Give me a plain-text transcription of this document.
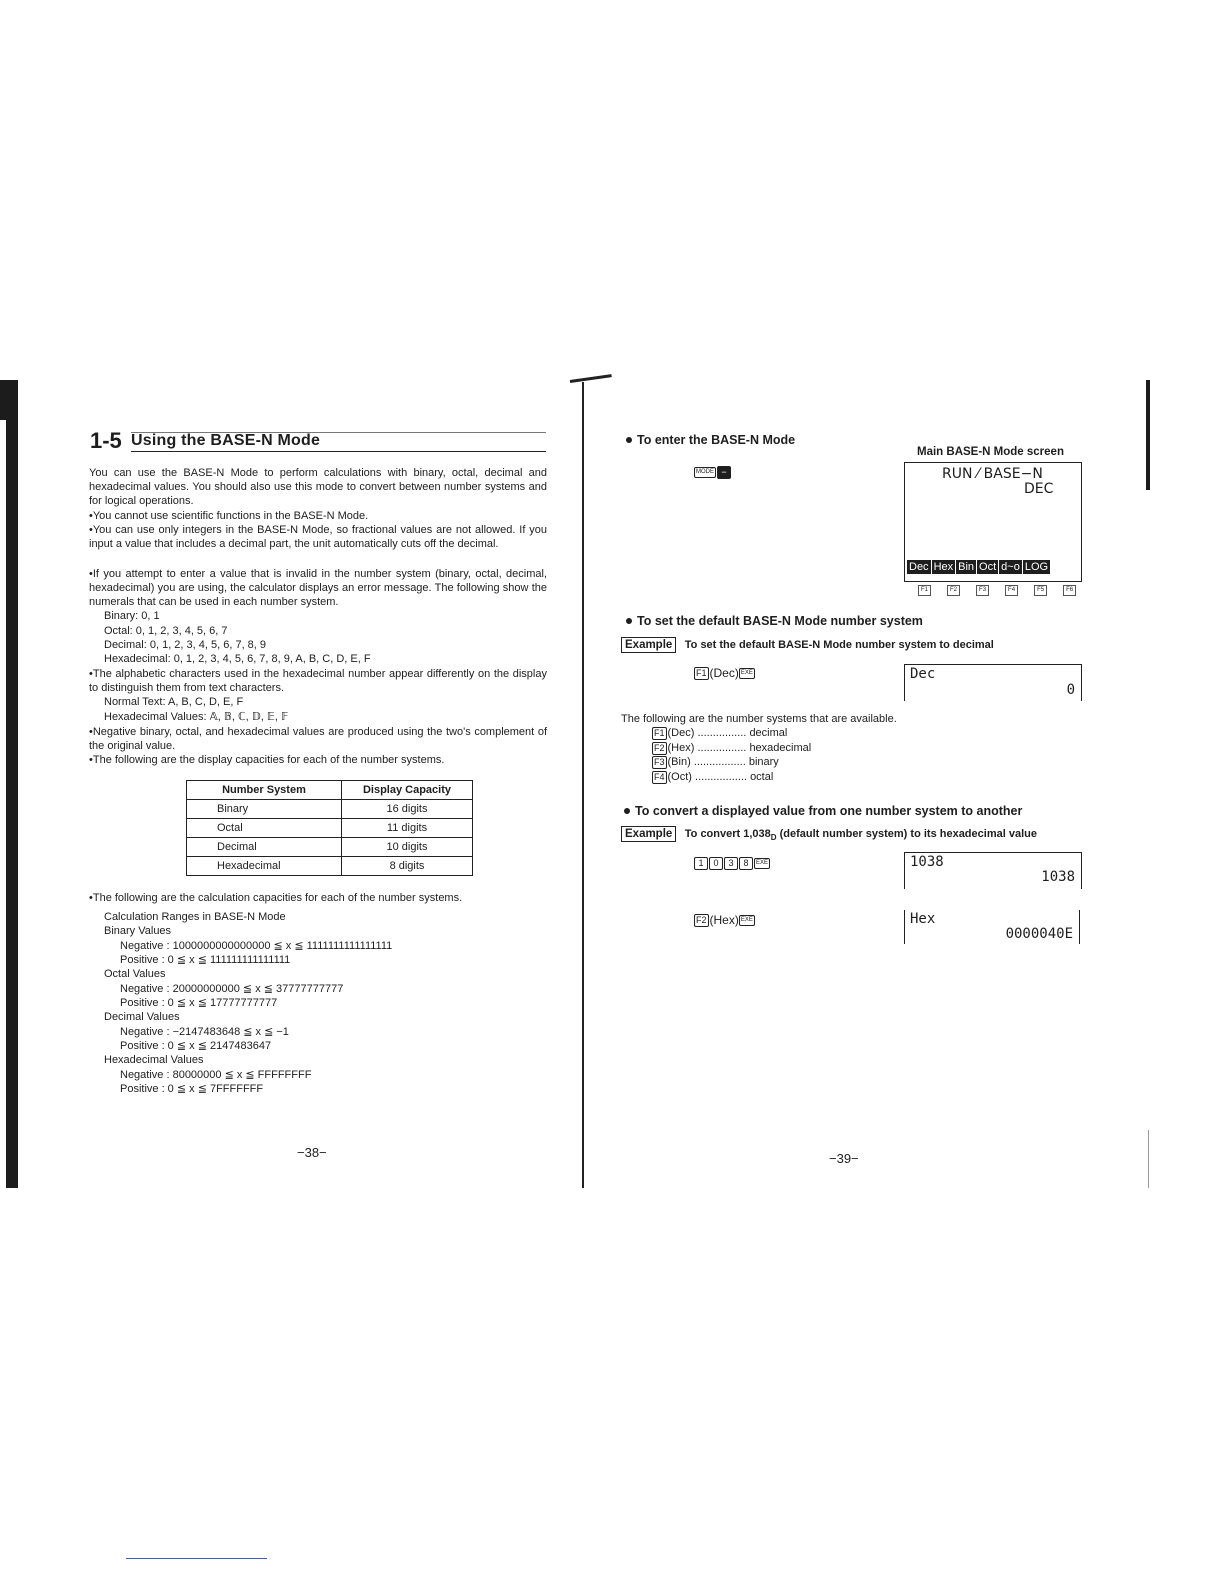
1-5 Using the BASE-N Mode
You can use the BASE-N Mode to perform calculations with binary, octal, decimal and hexadecimal values. You should also use this mode to convert between number systems and for logical operations.
•You cannot use scientific functions in the BASE-N Mode.
•You can use only integers in the BASE-N Mode, so fractional values are not allowed. If you input a value that includes a decimal part, the unit automatically cuts off the decimal.
•If you attempt to enter a value that is invalid in the number system (binary, octal, decimal, hexadecimal) you are using, the calculator displays an error message. The following show the numerals that can be used in each number system.
Binary: 0, 1
Octal: 0, 1, 2, 3, 4, 5, 6, 7
Decimal: 0, 1, 2, 3, 4, 5, 6, 7, 8, 9
Hexadecimal: 0, 1, 2, 3, 4, 5, 6, 7, 8, 9, A, B, C, D, E, F
•The alphabetic characters used in the hexadecimal number appear differently on the display to distinguish them from text characters.
Normal Text: A, B, C, D, E, F
Hexadecimal Values: 𝔸, 𝔹, ℂ, 𝔻, 𝔼, 𝔽
•Negative binary, octal, and hexadecimal values are produced using the two's complement of the original value.
•The following are the display capacities for each of the number systems.
Number System	Display Capacity
Binary	16 digits
Octal	11 digits
Decimal	10 digits
Hexadecimal	8 digits
•The following are the calculation capacities for each of the number systems.
Calculation Ranges in BASE-N Mode
Binary Values
Negative : 1000000000000000 ≦ x ≦ 1111111111111111
Positive : 0 ≦ x ≦ 111111111111111
Octal Values
Negative : 20000000000 ≦ x ≦ 37777777777
Positive : 0 ≦ x ≦ 17777777777
Decimal Values
Negative : −2147483648 ≦ x ≦ −1
Positive : 0 ≦ x ≦ 2147483647
Hexadecimal Values
Negative : 80000000 ≦ x ≦ FFFFFFFF
Positive : 0 ≦ x ≦ 7FFFFFFF
−38−
To enter the BASE-N Mode
MODE −
Main BASE-N Mode screen
RUN ⁄ BASE−N
DEC
Dec Hex Bin Oct d~o LOG
F1	F2	F3	F4	F5	F6
To set the default BASE-N Mode number system
Example To set the default BASE-N Mode number system to decimal
F1 (Dec) EXE	Dec
0
The following are the number systems that are available.
F1 (Dec) ................ decimal
F2 (Hex) ................ hexadecimal
F3 (Bin) ................. binary
F4 (Oct) ................. octal
To convert a displayed value from one number system to another
Example To convert $1,038_D$ (default number system) to its hexadecimal value
1 0 3 8 EXE	1038
1038
F2 (Hex) EXE	Hex
0000040E
−39−
